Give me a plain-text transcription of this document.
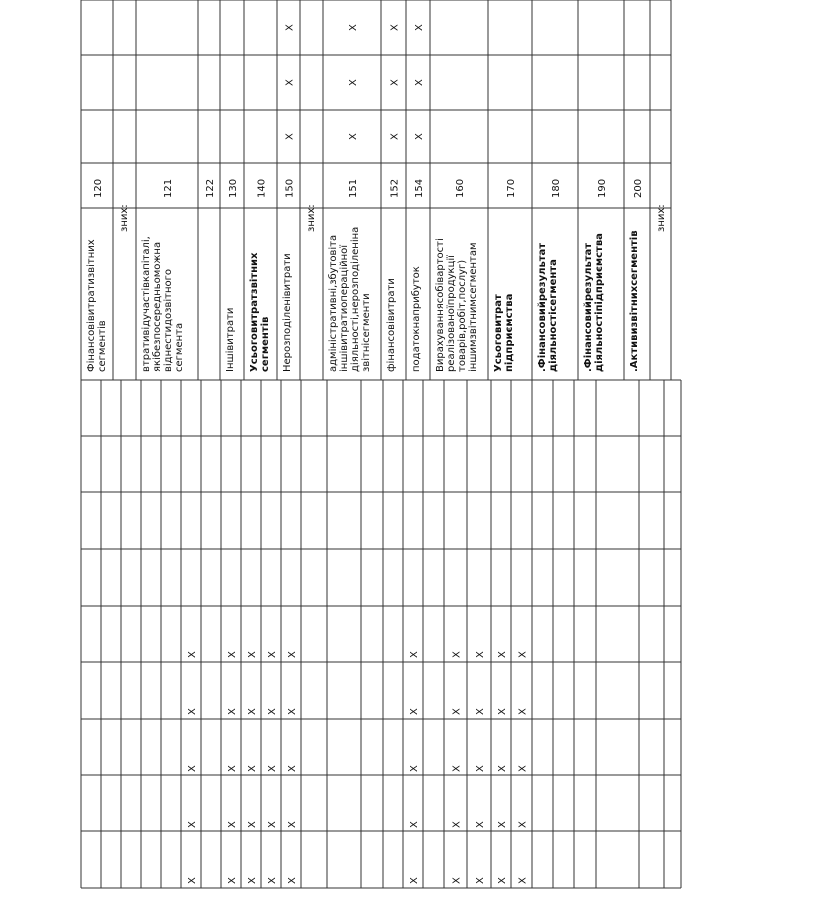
Фінансовівитратизвітнихсегментів
120
зних:
втративідучастівкапіталі,якібезпосередньоможнавіднестидозвітногосегмента
121	122
Іншівитрати
130
Усьоговитратзвітнихсегментів
140
Нерозподіленівитрати
150
X
X
X
зних:
адміністративні,збутовітаіншівитратиопераційноїдіяльності,нерозподіленіназвітнісегменти
151
X
X
X
фінансовівитрати
152
X
X
X
податокнаприбуток
154
X
X
X
Вирахуваннясобівартостіреалізованоїпродукціїтоварів,робіт,послуг)іншимзвітнимсегментам
160
Усьоговитратпідприємства
170
.Фінансовийрезультатдіяльностісегмента
180
.Фінансовийрезультатдіяльностіпідприємства
190
.Активизвітнихсегментів
200
зних:
X
X
X
X
X
X
X
X
X
X
X
X
X
X
X
X
X
X
X
X
X
X
X
X
X
X
X
X
X
X
X
X
X
X
X
X
X
X
X
X
X
X
X
X
X
X
X
X
X
X
